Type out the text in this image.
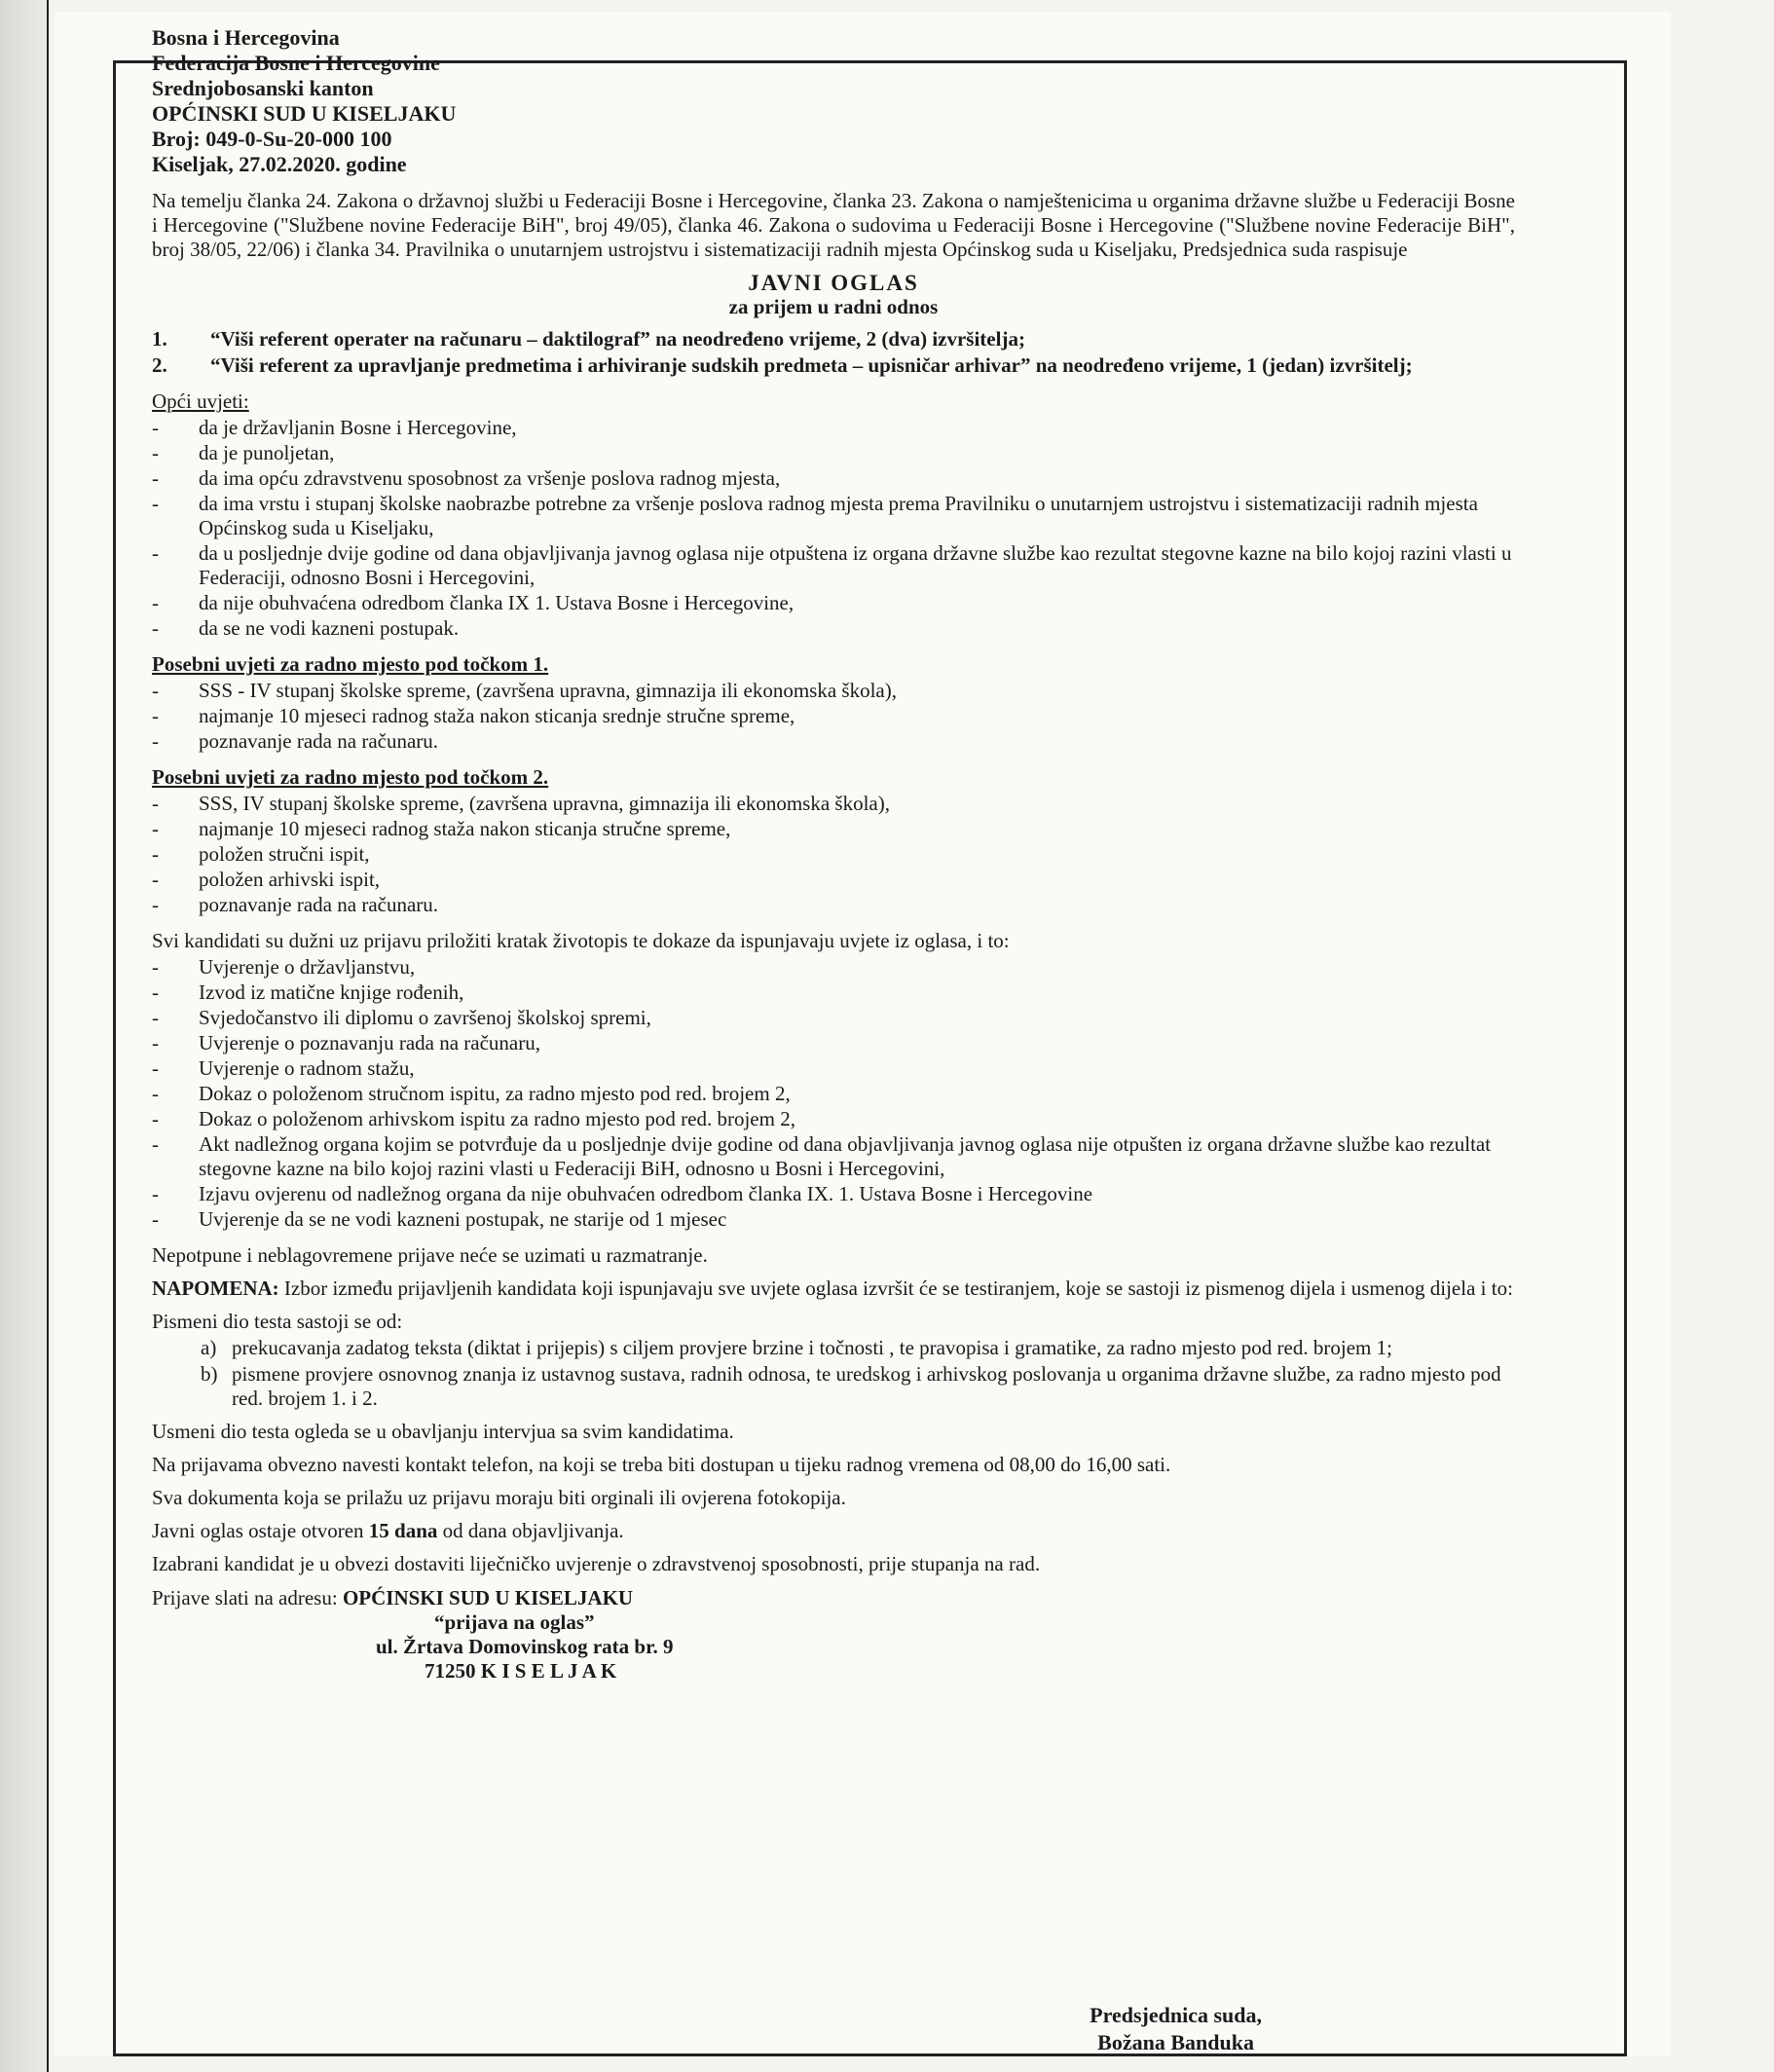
Bosna i Hercegovina
Federacija Bosne i Hercegovine
Srednjobosanski kanton
OPĆINSKI SUD U KISELJAKU
Broj: 049-0-Su-20-000 100
Kiseljak, 27.02.2020. godine

Na temelju članka 24. Zakona o državnoj službi u Federaciji Bosne i Hercegovine, članka 23. Zakona o namještenicima u organima državne službe u Federaciji Bosne i Hercegovine ("Službene novine Federacije BiH", broj 49/05), članka 46. Zakona o sudovima u Federaciji Bosne i Hercegovine ("Službene novine Federacije BiH", broj 38/05, 22/06) i članka 34. Pravilnika o unutarnjem ustrojstvu i sistematizaciji radnih mjesta Općinskog suda u Kiseljaku, Predsjednica suda raspisuje

JAVNI OGLAS
za prijem u radni odnos
1.	“Viši referent operater na računaru – daktilograf” na neodređeno vrijeme, 2 (dva) izvršitelja;
2.	“Viši referent za upravljanje predmetima i arhiviranje sudskih predmeta – upisničar arhivar” na neodređeno vrijeme, 1 (jedan) izvršitelj;
Opći uvjeti:
-	da je državljanin Bosne i Hercegovine,
-	da je punoljetan,
-	da ima opću zdravstvenu sposobnost za vršenje poslova radnog mjesta,
-	da ima vrstu i stupanj školske naobrazbe potrebne za vršenje poslova radnog mjesta prema Pravilniku o unutarnjem ustrojstvu i sistematizaciji radnih mjesta Općinskog suda u Kiseljaku,
-	da u posljednje dvije godine od dana objavljivanja javnog oglasa nije otpuštena iz organa državne službe kao rezultat stegovne kazne na bilo kojoj razini vlasti u Federaciji, odnosno Bosni i Hercegovini,
-	da nije obuhvaćena odredbom članka IX 1. Ustava Bosne i Hercegovine,
-	da se ne vodi kazneni postupak.
Posebni uvjeti za radno mjesto pod točkom 1.
-	SSS - IV stupanj školske spreme, (završena upravna, gimnazija ili ekonomska škola),
-	najmanje 10 mjeseci radnog staža nakon sticanja srednje stručne spreme,
-	poznavanje rada na računaru.
Posebni uvjeti za radno mjesto pod točkom 2.
-	SSS, IV stupanj školske spreme, (završena upravna, gimnazija ili ekonomska škola),
-	najmanje 10 mjeseci radnog staža nakon sticanja stručne spreme,
-	položen stručni ispit,
-	položen arhivski ispit,
-	poznavanje rada na računaru.

Svi kandidati su dužni uz prijavu priložiti kratak životopis te dokaze da ispunjavaju uvjete iz oglasa, i to:

-	Uvjerenje o državljanstvu,
-	Izvod iz matične knjige rođenih,
-	Svjedočanstvo ili diplomu o završenoj školskoj spremi,
-	Uvjerenje o poznavanju rada na računaru,
-	Uvjerenje o radnom stažu,
-	Dokaz o položenom stručnom ispitu, za radno mjesto pod red. brojem 2,
-	Dokaz o položenom arhivskom ispitu za radno mjesto pod red. brojem 2,
-	Akt nadležnog organa kojim se potvrđuje da u posljednje dvije godine od dana objavljivanja javnog oglasa nije otpušten iz organa državne službe kao rezultat stegovne kazne na bilo kojoj razini vlasti u Federaciji BiH, odnosno u Bosni i Hercegovini,
-	Izjavu ovjerenu od nadležnog organa da nije obuhvaćen odredbom članka IX. 1. Ustava Bosne i Hercegovine
-	Uvjerenje da se ne vodi kazneni postupak, ne starije od 1 mjesec

Nepotpune i neblagovremene prijave neće se uzimati u razmatranje.

NAPOMENA: Izbor između prijavljenih kandidata koji ispunjavaju sve uvjete oglasa izvršit će se testiranjem, koje se sastoji iz pismenog dijela i usmenog dijela i to:

Pismeni dio testa sastoji se od:

a) prekucavanja zadatog teksta (diktat i prijepis) s ciljem provjere brzine i točnosti , te pravopisa i gramatike, za radno mjesto pod red. brojem 1;
b) pismene provjere osnovnog znanja iz ustavnog sustava, radnih odnosa, te uredskog i arhivskog poslovanja u organima državne službe, za radno mjesto pod red. brojem 1. i 2.

Usmeni dio testa ogleda se u obavljanju intervjua sa svim kandidatima.

Na prijavama obvezno navesti kontakt telefon, na koji se treba biti dostupan u tijeku radnog vremena od 08,00 do 16,00 sati.

Sva dokumenta koja se prilažu uz prijavu moraju biti orginali ili ovjerena fotokopija.

Javni oglas ostaje otvoren 15 dana od dana objavljivanja.

Izabrani kandidat je u obvezi dostaviti liječničko uvjerenje o zdravstvenoj sposobnosti, prije stupanja na rad.

Prijave slati na adresu: OPĆINSKI SUD U KISELJAKU
“prijava na oglas”
ul. Žrtava Domovinskog rata br. 9
71250 K I S E L J A K
Predsjednica suda,
Božana Banduka
